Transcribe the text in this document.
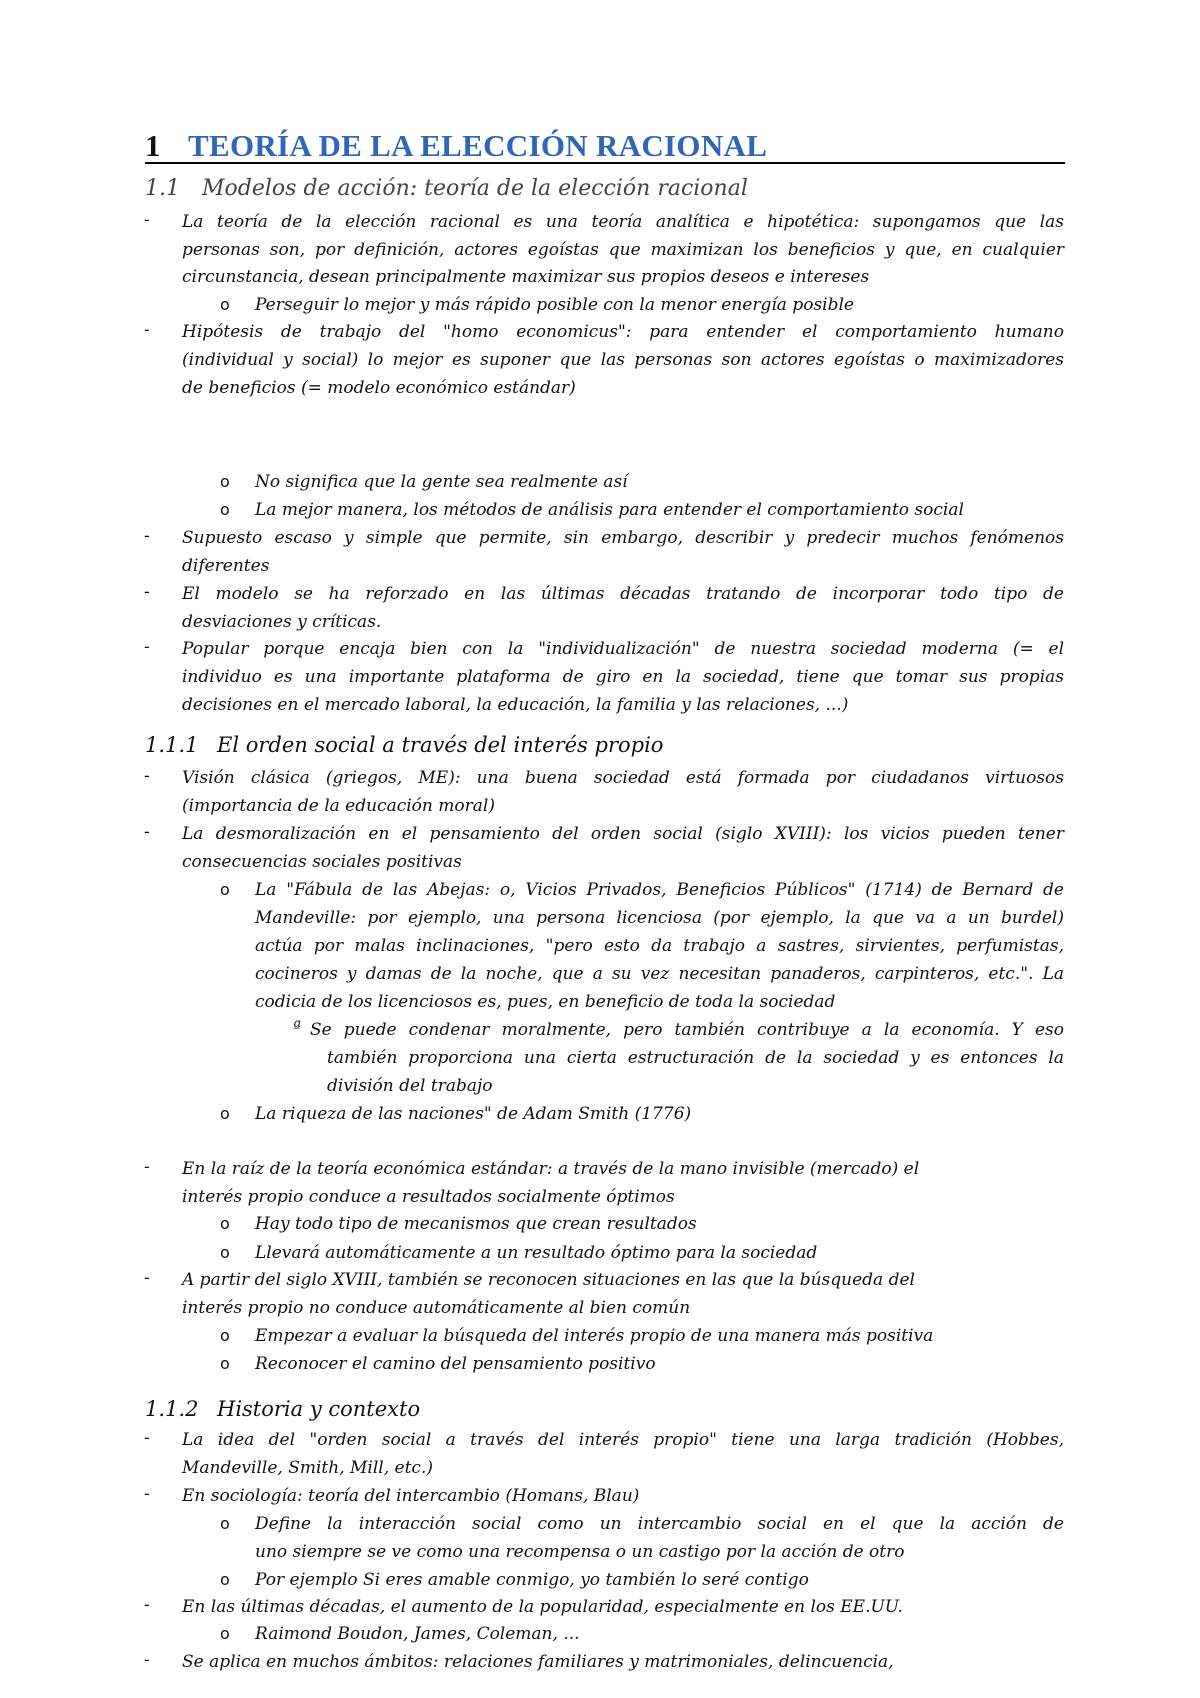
1 TEORÍA DE LA ELECCIÓN RACIONAL
1.1 Modelos de acción: teoría de la elección racional
- La teoría de la elección racional es una teoría analítica e hipotética: supongamos que las
personas son, por definición, actores egoístas que maximizan los beneficios y que, en cualquier
circunstancia, desean principalmente maximizar sus propios deseos e intereses
o Perseguir lo mejor y más rápido posible con la menor energía posible
- Hipótesis de trabajo del "homo economicus": para entender el comportamiento humano
(individual y social) lo mejor es suponer que las personas son actores egoístas o maximizadores
de beneficios (= modelo económico estándar)
o No significa que la gente sea realmente así
o La mejor manera, los métodos de análisis para entender el comportamiento social
- Supuesto escaso y simple que permite, sin embargo, describir y predecir muchos fenómenos
diferentes
- El modelo se ha reforzado en las últimas décadas tratando de incorporar todo tipo de
desviaciones y críticas.
- Popular porque encaja bien con la "individualización" de nuestra sociedad moderna (= el
individuo es una importante plataforma de giro en la sociedad, tiene que tomar sus propias
decisiones en el mercado laboral, la educación, la familia y las relaciones, ...)
1.1.1 El orden social a través del interés propio
- Visión clásica (griegos, ME): una buena sociedad está formada por ciudadanos virtuosos
(importancia de la educación moral)
- La desmoralización en el pensamiento del orden social (siglo XVIII): los vicios pueden tener
consecuencias sociales positivas
o La "Fábula de las Abejas: o, Vicios Privados, Beneficios Públicos" (1714) de Bernard de
Mandeville: por ejemplo, una persona licenciosa (por ejemplo, la que va a un burdel)
actúa por malas inclinaciones, "pero esto da trabajo a sastres, sirvientes, perfumistas,
cocineros y damas de la noche, que a su vez necesitan panaderos, carpinteros, etc.". La
codicia de los licenciosos es, pues, en beneficio de toda la sociedad
ª Se puede condenar moralmente, pero también contribuye a la economía. Y eso
también proporciona una cierta estructuración de la sociedad y es entonces la
división del trabajo
o La riqueza de las naciones" de Adam Smith (1776)
- En la raíz de la teoría económica estándar: a través de la mano invisible (mercado) el
interés propio conduce a resultados socialmente óptimos
o Hay todo tipo de mecanismos que crean resultados
o Llevará automáticamente a un resultado óptimo para la sociedad
- A partir del siglo XVIII, también se reconocen situaciones en las que la búsqueda del
interés propio no conduce automáticamente al bien común
o Empezar a evaluar la búsqueda del interés propio de una manera más positiva
o Reconocer el camino del pensamiento positivo
1.1.2 Historia y contexto
- La idea del "orden social a través del interés propio" tiene una larga tradición (Hobbes,
Mandeville, Smith, Mill, etc.)
- En sociología: teoría del intercambio (Homans, Blau)
o Define la interacción social como un intercambio social en el que la acción de
uno siempre se ve como una recompensa o un castigo por la acción de otro
o Por ejemplo Si eres amable conmigo, yo también lo seré contigo
- En las últimas décadas, el aumento de la popularidad, especialmente en los EE.UU.
o Raimond Boudon, James, Coleman, ...
- Se aplica en muchos ámbitos: relaciones familiares y matrimoniales, delincuencia,
